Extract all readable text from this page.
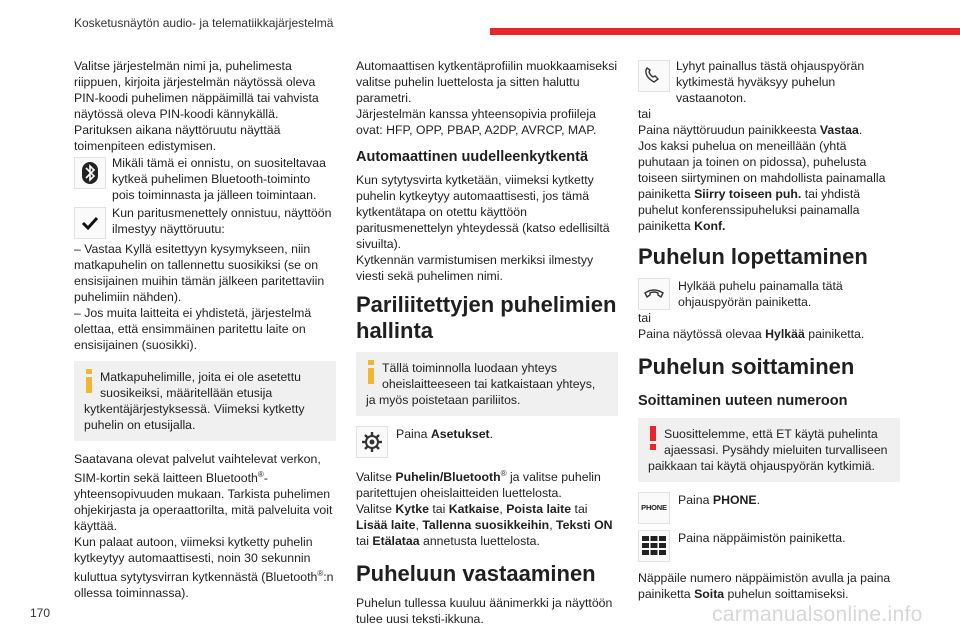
Kosketusnäytön audio- ja telematiikkajärjestelmä

Valitse järjestelmän nimi ja, puhelimesta riippuen, kirjoita järjestelmän näytössä oleva PIN-koodi puhelimen näppäimillä tai vahvista näytössä oleva PIN-koodi kännykällä.

Parituksen aikana näyttöruutu näyttää toimenpiteen edistymisen.

Mikäli tämä ei onnistu, on suositeltavaa kytkeä puhelimen Bluetooth-toiminto pois toiminnasta ja jälleen toimintaan.

Kun paritusmenettely onnistuu, näyttöön ilmestyy näyttöruutu:

– Vastaa Kyllä esitettyyn kysymykseen, niin matkapuhelin on tallennettu suosikiksi (se on ensisijainen muihin tämän jälkeen paritettaviin puhelimiin nähden).

– Jos muita laitteita ei yhdistetä, järjestelmä olettaa, että ensimmäinen paritettu laite on ensisijainen (suosikki).

Matkapuhelimille, joita ei ole asetettu suosikeiksi, määritellään etusija kytkentäjärjestyksessä. Viimeksi kytketty puhelin on etusijalla.

Saatavana olevat palvelut vaihtelevat verkon, SIM-kortin sekä laitteen Bluetooth®-yhteensopivuuden mukaan. Tarkista puhelimen ohjekirjasta ja operaattorilta, mitä palveluita voit käyttää.

Kun palaat autoon, viimeksi kytketty puhelin kytkeytyy automaattisesti, noin 30 sekunnin kuluttua sytytysvirran kytkennästä (Bluetooth®:n ollessa toiminnassa).

Automaattisen kytkentäprofiilin muokkaamiseksi valitse puhelin luettelosta ja sitten haluttu parametri.

Järjestelmän kanssa yhteensopivia profiileja ovat: HFP, OPP, PBAP, A2DP, AVRCP, MAP.

Automaattinen uudelleenkytkentä

Kun sytytysvirta kytketään, viimeksi kytketty puhelin kytkeytyy automaattisesti, jos tämä kytkentätapa on otettu käyttöön paritusmenettelyn yhteydessä (katso edellisiltä sivuilta).

Kytkennän varmistumisen merkiksi ilmestyy viesti sekä puhelimen nimi.

Pariliitettyjen puhelimien hallinta

Tällä toiminnolla luodaan yhteys oheislaitteeseen tai katkaistaan yhteys, ja myös poistetaan pariliitos.

Paina Asetukset.

Valitse Puhelin/Bluetooth® ja valitse puhelin paritettujen oheislaitteiden luettelosta.

Valitse Kytke tai Katkaise, Poista laite tai Lisää laite, Tallenna suosikkeihin, Teksti ON tai Etälataa annetusta luettelosta.

Puheluun vastaaminen

Puhelun tullessa kuuluu äänimerkki ja näyttöön tulee uusi teksti-ikkuna.

Lyhyt painallus tästä ohjauspyörän kytkimestä hyväksyy puhelun vastaanoton.

tai

Paina näyttöruudun painikkeesta Vastaa.

Jos kaksi puhelua on meneillään (yhtä puhutaan ja toinen on pidossa), puhelusta toiseen siirtyminen on mahdollista painamalla painiketta Siirry toiseen puh. tai yhdistä puhelut konferenssipuheluksi painamalla painiketta Konf.

Puhelun lopettaminen

Hylkää puhelu painamalla tätä ohjauspyörän painiketta.

tai

Paina näytössä olevaa Hylkää painiketta.

Puhelun soittaminen
Soittaminen uuteen numeroon

Suosittelemme, että ET käytä puhelinta ajaessasi. Pysähdy mieluiten turvalliseen paikkaan tai käytä ohjauspyörän kytkimiä.

PHONE

Paina PHONE.

Paina näppäimistön painiketta.

Näppäile numero näppäimistön avulla ja paina painiketta Soita puhelun soittamiseksi.

170	carmanualsonline.info
